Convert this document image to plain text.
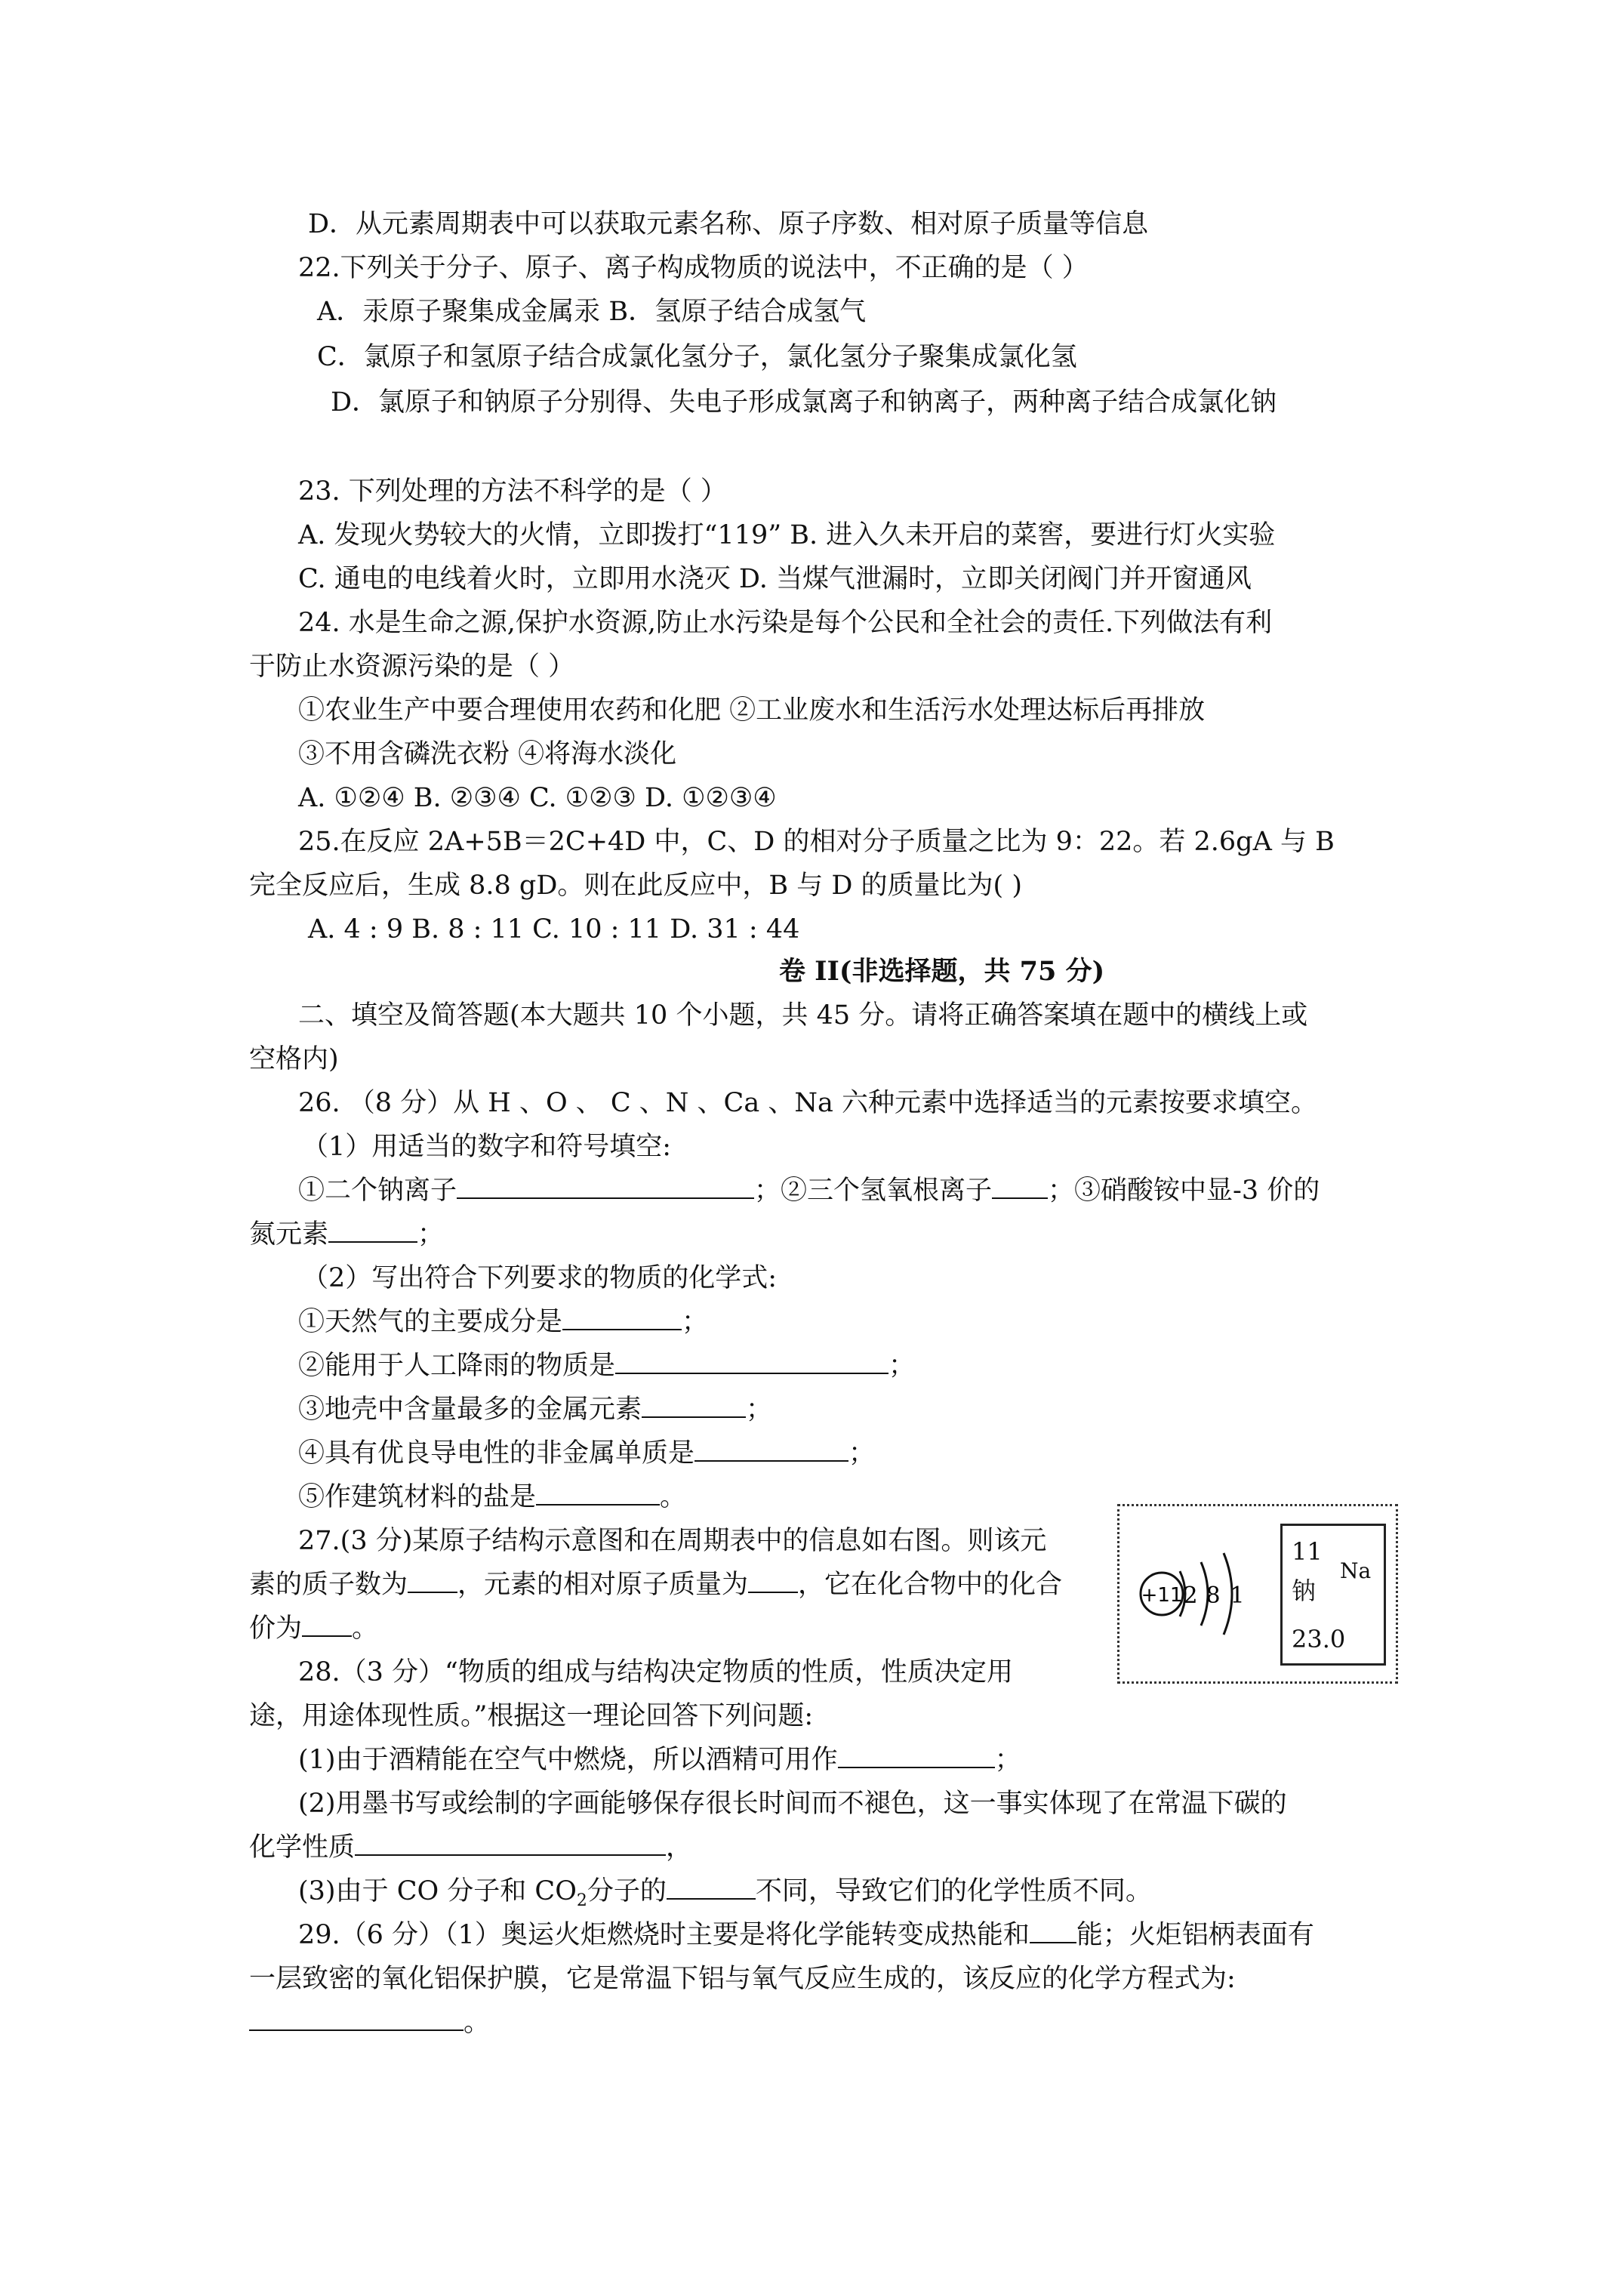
D．从元素周期表中可以获取元素名称、原子序数、相对原子质量等信息
22.下列关于分子、原子、离子构成物质的说法中，不正确的是（ ）
A．汞原子聚集成金属汞 B．氢原子结合成氢气
C．氯原子和氢原子结合成氯化氢分子，氯化氢分子聚集成氯化氢
D．氯原子和钠原子分别得、失电子形成氯离子和钠离子，两种离子结合成氯化钠
23. 下列处理的方法不科学的是（ ）
A. 发现火势较大的火情，立即拨打“119” B. 进入久未开启的菜窖，要进行灯火实验
C. 通电的电线着火时，立即用水浇灭 D. 当煤气泄漏时，立即关闭阀门并开窗通风
24. 水是生命之源,保护水资源,防止水污染是每个公民和全社会的责任.下列做法有利
于防止水资源污染的是（ ）
①农业生产中要合理使用农药和化肥 ②工业废水和生活污水处理达标后再排放
③不用含磷洗衣粉 ④将海水淡化
A. ①②④ B. ②③④ C. ①②③ D. ①②③④
25.在反应 2A+5B＝2C+4D 中，C、D 的相对分子质量之比为 9：22。若 2.6gA 与 B
完全反应后，生成 8.8 gD。则在此反应中，B 与 D 的质量比为( )
A. 4 : 9 B. 8 : 11 C. 10 : 11 D. 31 : 44
卷 II(非选择题，共 75 分)
二、填空及简答题(本大题共 10 个小题，共 45 分。请将正确答案填在题中的横线上或
空格内)
26. （8 分）从 H 、O 、 C 、N 、Ca 、Na 六种元素中选择适当的元素按要求填空。
（1）用适当的数字和符号填空:
①二个钠离子	；②三个氢氧根离子 ；③硝酸铵中显-3 价的
氮元素	；
（2）写出符合下列要求的物质的化学式:
①天然气的主要成分是	；
②能用于人工降雨的物质是	；
③地壳中含量最多的金属元素	；
④具有优良导电性的非金属单质是	；
⑤作建筑材料的盐是	。
27.(3 分)某原子结构示意图和在周期表中的信息如右图。则该元
素的质子数为 ，元素的相对原子质量为 ，它在化合物中的化合
价为 。
+11 2 8 1
11
Na
钠
23.0
28.（3 分）“物质的组成与结构决定物质的性质，性质决定用
途，用途体现性质。”根据这一理论回答下列问题:
(1)由于酒精能在空气中燃烧，所以酒精可用作	；
(2)用墨书写或绘制的字画能够保存很长时间而不褪色，这一事实体现了在常温下碳的
化学性质	，
(3)由于 CO 分子和 $CO_2$分子的	不同，导致它们的化学性质不同。
29.（6 分）（1）奥运火炬燃烧时主要是将化学能转变成热能和 能；火炬铝柄表面有
一层致密的氧化铝保护膜，它是常温下铝与氧气反应生成的，该反应的化学方程式为:
。
